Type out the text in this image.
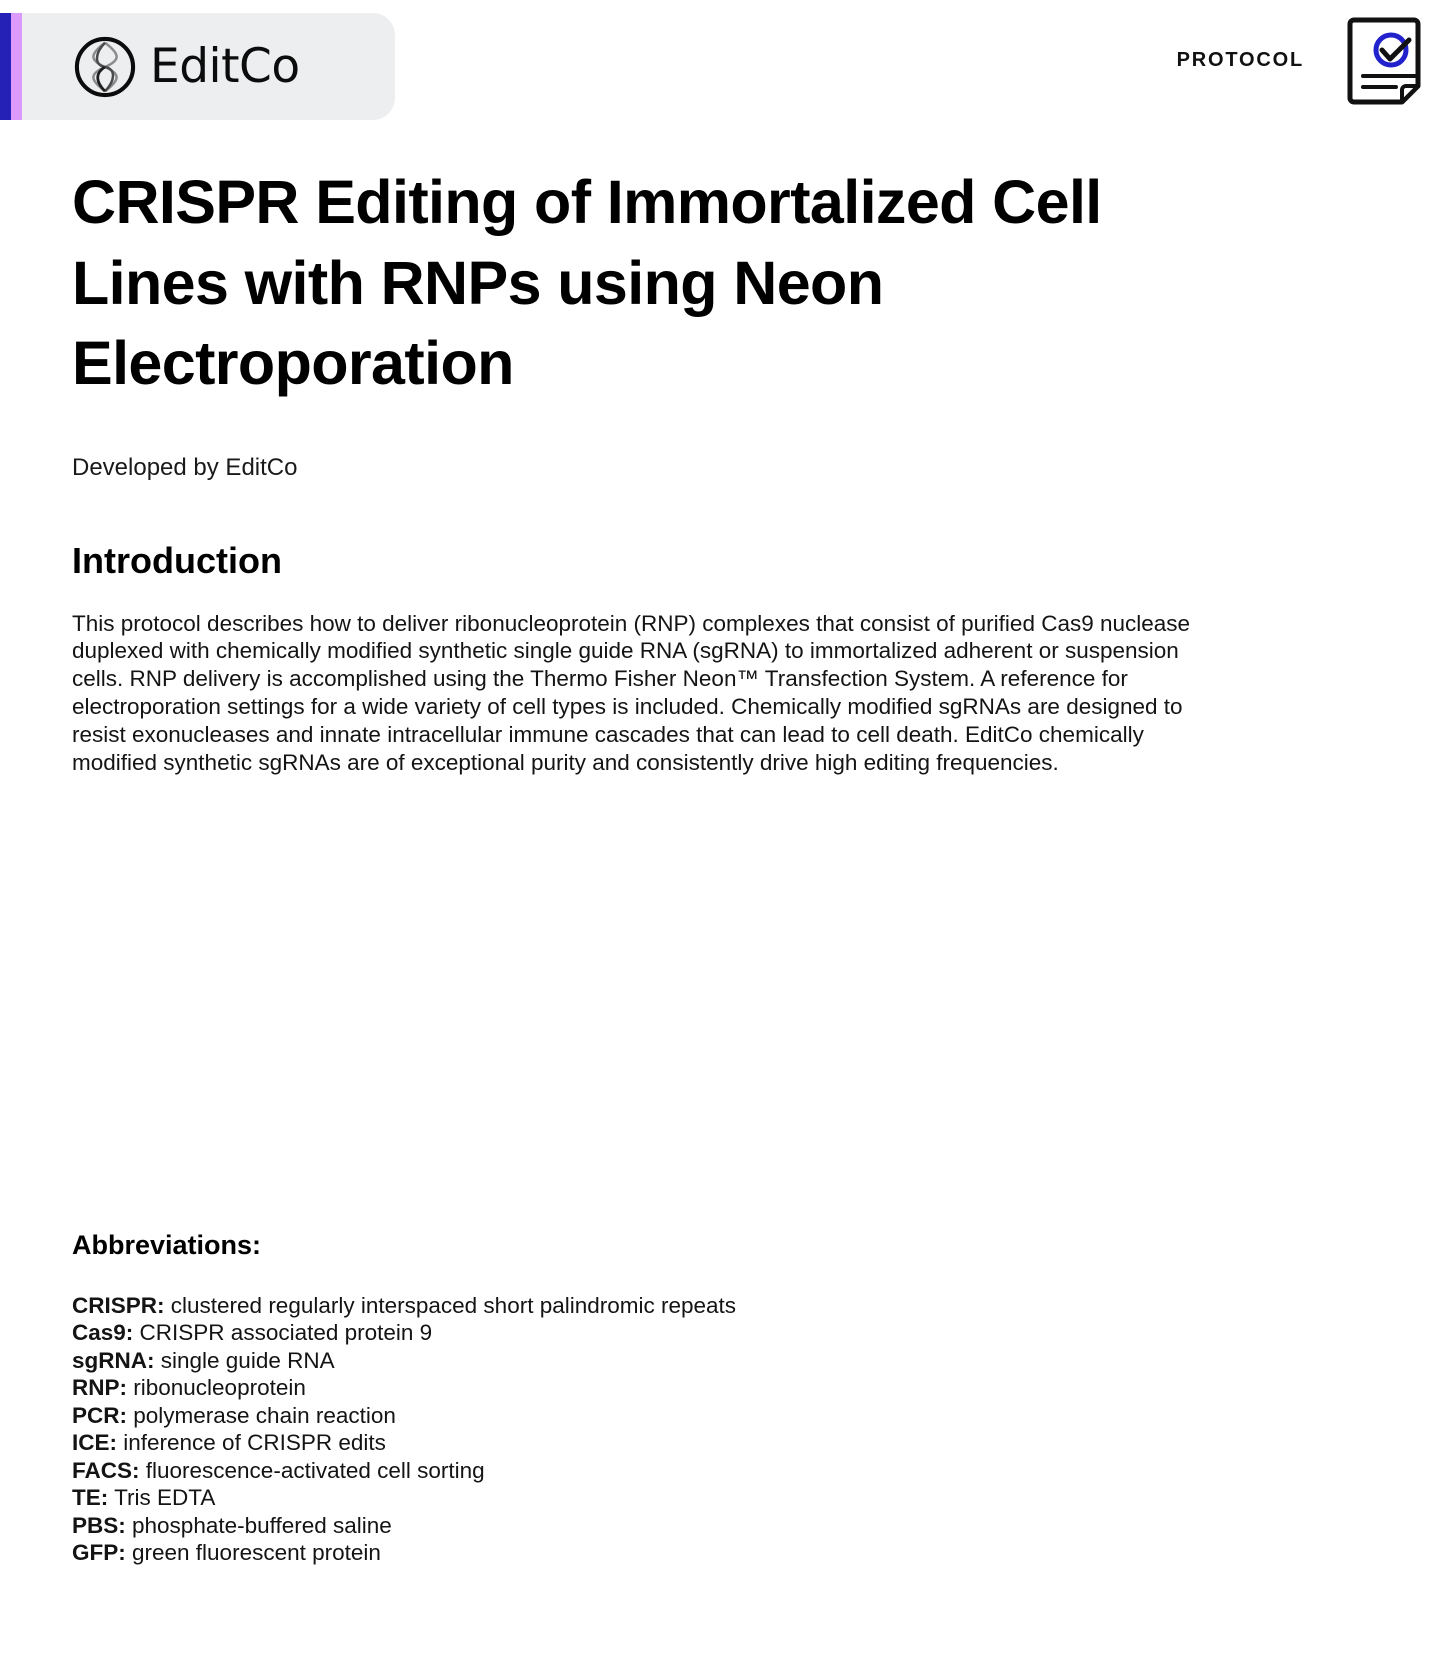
EditCo	PROTOCOL
CRISPR Editing of Immortalized Cell Lines with RNPs using Neon Electroporation
Developed by EditCo
Introduction

This protocol describes how to deliver ribonucleoprotein (RNP) complexes that consist of purified Cas9 nuclease duplexed with chemically modified synthetic single guide RNA (sgRNA) to immortalized adherent or suspension cells. RNP delivery is accomplished using the Thermo Fisher Neon™ Transfection System. A reference for electroporation settings for a wide variety of cell types is included. Chemically modified sgRNAs are designed to resist exonucleases and innate intracellular immune cascades that can lead to cell death. EditCo chemically modified synthetic sgRNAs are of exceptional purity and consistently drive high editing frequencies.

Abbreviations:
CRISPR: clustered regularly interspaced short palindromic repeats
Cas9: CRISPR associated protein 9
sgRNA: single guide RNA
RNP: ribonucleoprotein
PCR: polymerase chain reaction
ICE: inference of CRISPR edits
FACS: fluorescence-activated cell sorting
TE: Tris EDTA
PBS: phosphate-buffered saline
GFP: green fluorescent protein
